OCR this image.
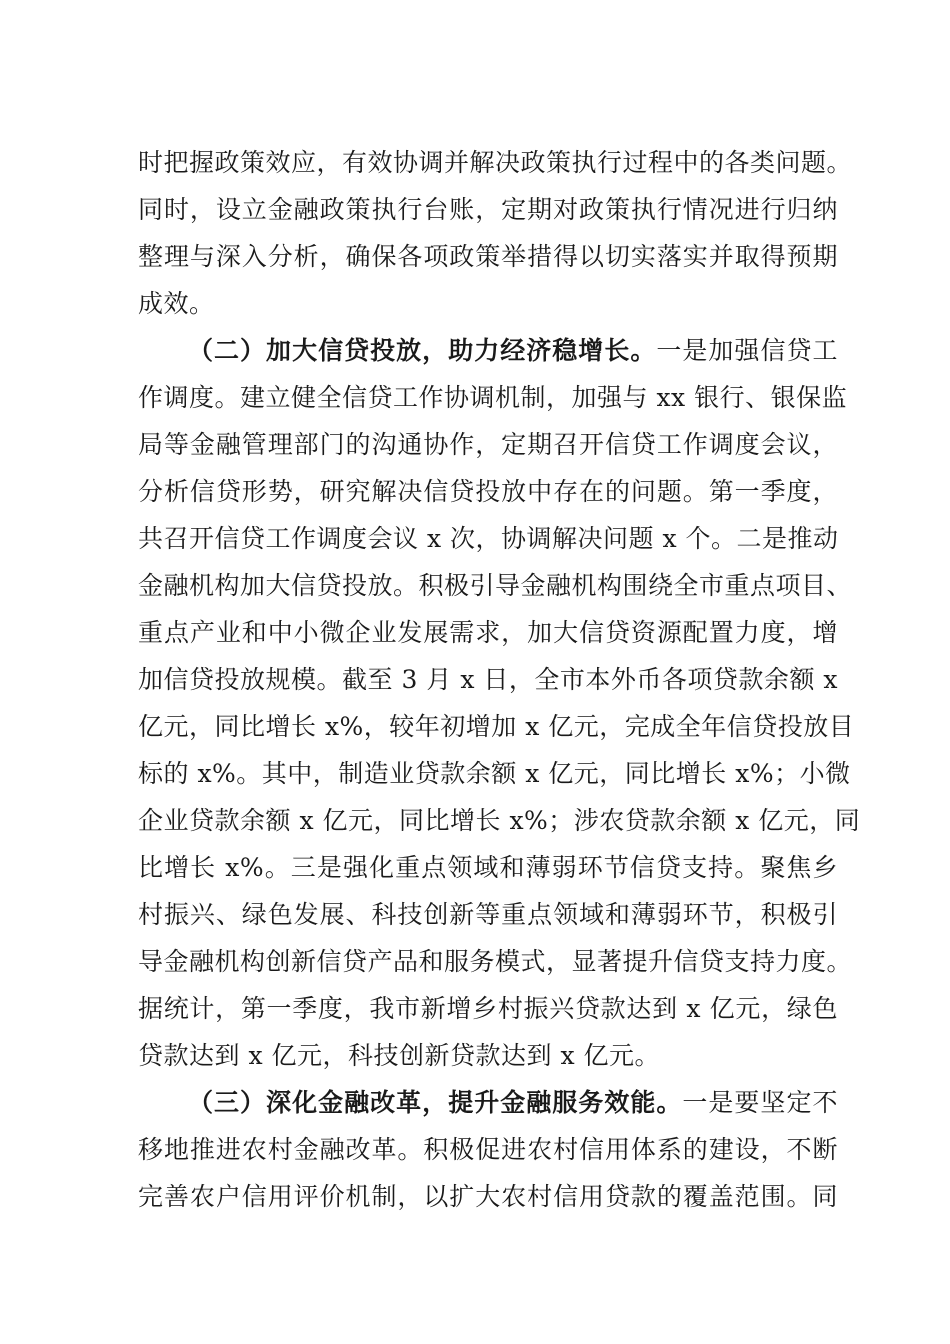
时把握政策效应，有效协调并解决政策执行过程中的各类问题。
同时，设立金融政策执行台账，定期对政策执行情况进行归纳
整理与深入分析，确保各项政策举措得以切实落实并取得预期
成效。
（二）加大信贷投放，助力经济稳增长。一是加强信贷工
作调度。建立健全信贷工作协调机制，加强与 xx 银行、银保监
局等金融管理部门的沟通协作，定期召开信贷工作调度会议，
分析信贷形势，研究解决信贷投放中存在的问题。第一季度，
共召开信贷工作调度会议 x 次，协调解决问题 x 个。二是推动
金融机构加大信贷投放。积极引导金融机构围绕全市重点项目、
重点产业和中小微企业发展需求，加大信贷资源配置力度，增
加信贷投放规模。截至 3 月 x 日，全市本外币各项贷款余额 x
亿元，同比增长 x%，较年初增加 x 亿元，完成全年信贷投放目
标的 x%。其中，制造业贷款余额 x 亿元，同比增长 x%；小微
企业贷款余额 x 亿元，同比增长 x%；涉农贷款余额 x 亿元，同
比增长 x%。三是强化重点领域和薄弱环节信贷支持。聚焦乡
村振兴、绿色发展、科技创新等重点领域和薄弱环节，积极引
导金融机构创新信贷产品和服务模式，显著提升信贷支持力度。
据统计，第一季度，我市新增乡村振兴贷款达到 x 亿元，绿色
贷款达到 x 亿元，科技创新贷款达到 x 亿元。
（三）深化金融改革，提升金融服务效能。一是要坚定不
移地推进农村金融改革。积极促进农村信用体系的建设，不断
完善农户信用评价机制，以扩大农村信用贷款的覆盖范围。同
